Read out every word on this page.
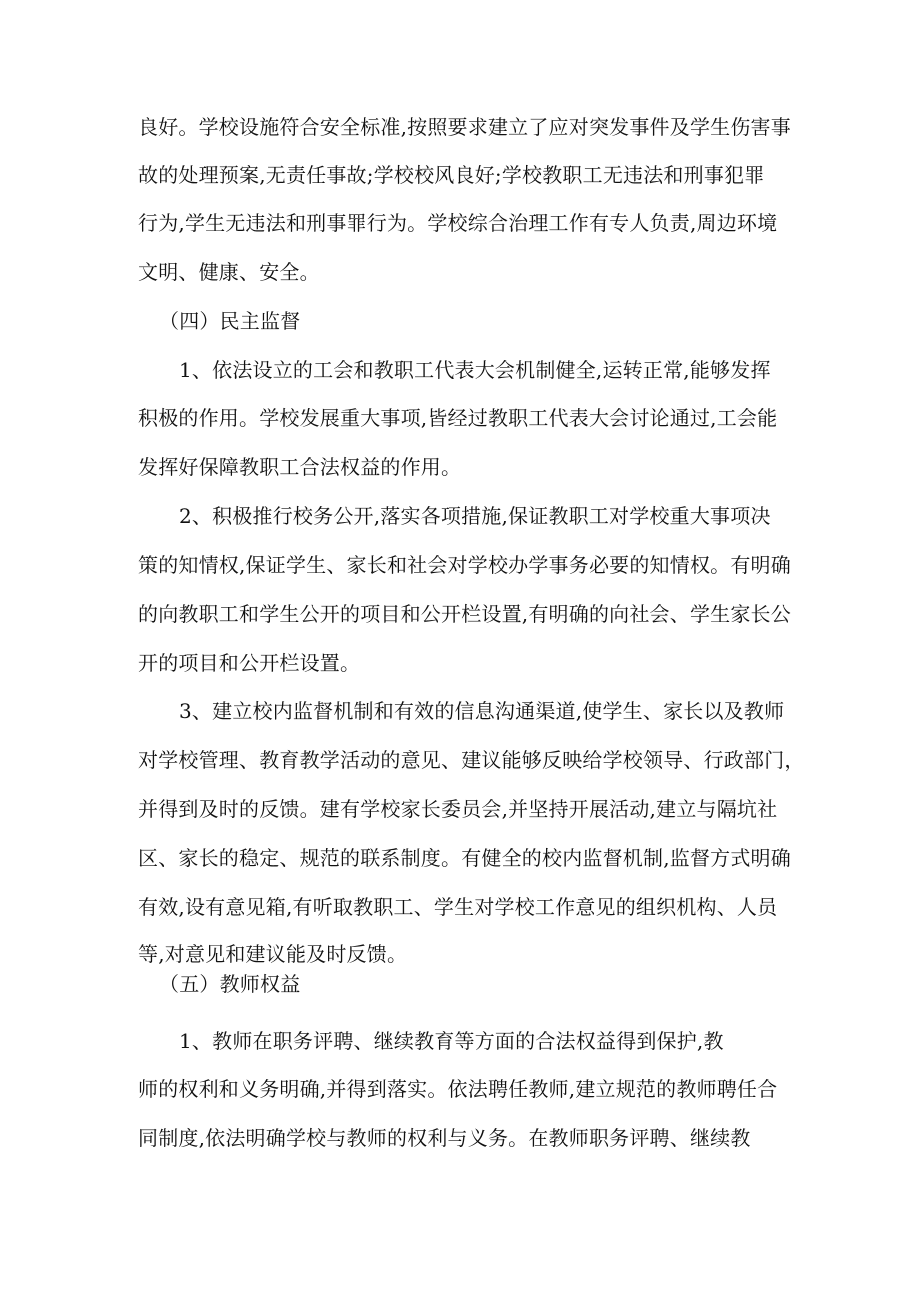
良好。学校设施符合安全标准,按照要求建立了应对突发事件及学生伤害事
故的处理预案,无责任事故;学校校风良好;学校教职工无违法和刑事犯罪
行为,学生无违法和刑事罪行为。学校综合治理工作有专人负责,周边环境
文明、健康、安全。
（四）民主监督
1、依法设立的工会和教职工代表大会机制健全,运转正常,能够发挥
积极的作用。学校发展重大事项,皆经过教职工代表大会讨论通过,工会能
发挥好保障教职工合法权益的作用。
2、积极推行校务公开,落实各项措施,保证教职工对学校重大事项决
策的知情权,保证学生、家长和社会对学校办学事务必要的知情权。有明确
的向教职工和学生公开的项目和公开栏设置,有明确的向社会、学生家长公
开的项目和公开栏设置。
3、建立校内监督机制和有效的信息沟通渠道,使学生、家长以及教师
对学校管理、教育教学活动的意见、建议能够反映给学校领导、行政部门，
并得到及时的反馈。建有学校家长委员会,并坚持开展活动,建立与隔坑社
区、家长的稳定、规范的联系制度。有健全的校内监督机制,监督方式明确
有效,设有意见箱,有听取教职工、学生对学校工作意见的组织机构、人员
等,对意见和建议能及时反馈。
（五）教师权益
1、教师在职务评聘、继续教育等方面的合法权益得到保护,教
师的权利和义务明确,并得到落实。依法聘任教师,建立规范的教师聘任合
同制度,依法明确学校与教师的权利与义务。在教师职务评聘、继续教
